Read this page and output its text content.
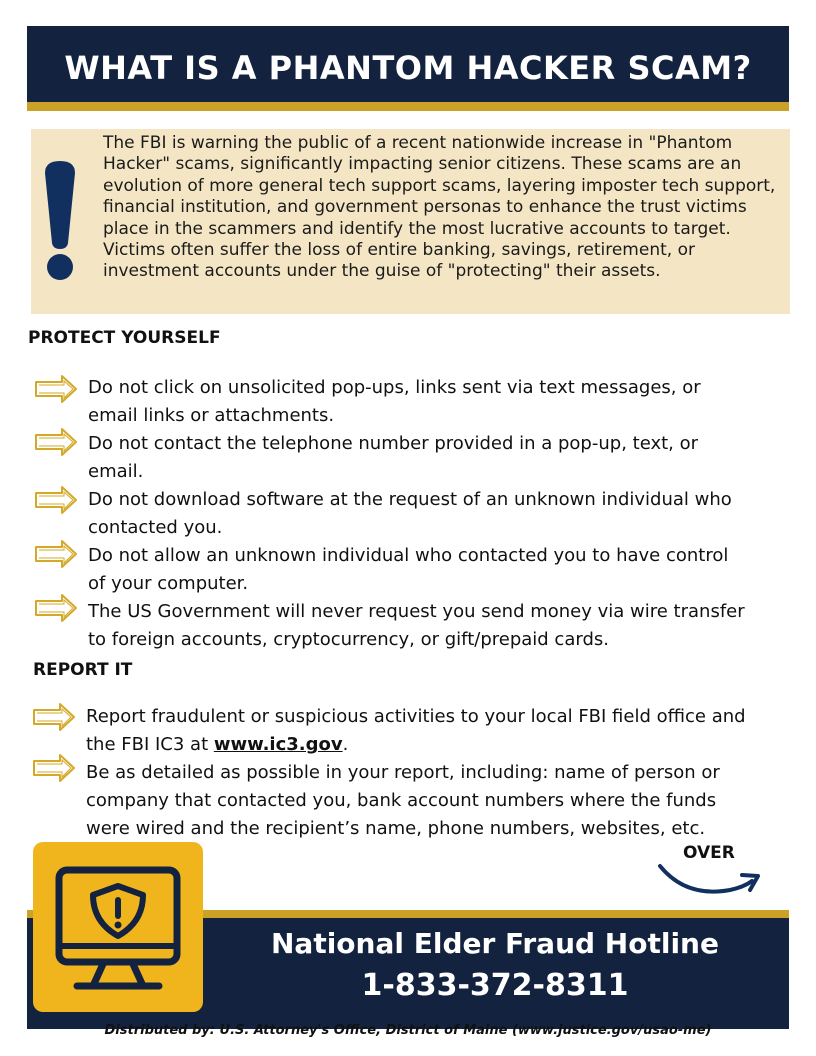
WHAT IS A PHANTOM HACKER SCAM?
The FBI is warning the public of a recent nationwide increase in "Phantom Hacker" scams, significantly impacting senior citizens. These scams are an evolution of more general tech support scams, layering imposter tech support, financial institution, and government personas to enhance the trust victims place in the scammers and identify the most lucrative accounts to target. Victims often suffer the loss of entire banking, savings, retirement, or investment accounts under the guise of "protecting" their assets.
PROTECT YOURSELF
Do not click on unsolicited pop-ups, links sent via text messages, or email links or attachments.
Do not contact the telephone number provided in a pop-up, text, or email.
Do not download software at the request of an unknown individual who contacted you.
Do not allow an unknown individual who contacted you to have control of your computer.
The US Government will never request you send money via wire transfer to foreign accounts, cryptocurrency, or gift/prepaid cards.
REPORT IT
Report fraudulent or suspicious activities to your local FBI field office and the FBI IC3 at www.ic3.gov.
Be as detailed as possible in your report, including: name of person or company that contacted you, bank account numbers where the funds were wired and the recipient’s name, phone numbers, websites, etc.
OVER
National Elder Fraud Hotline
1-833-372-8311
Distributed by: U.S. Attorney's Office, District of Maine (www.justice.gov/usao-me)
